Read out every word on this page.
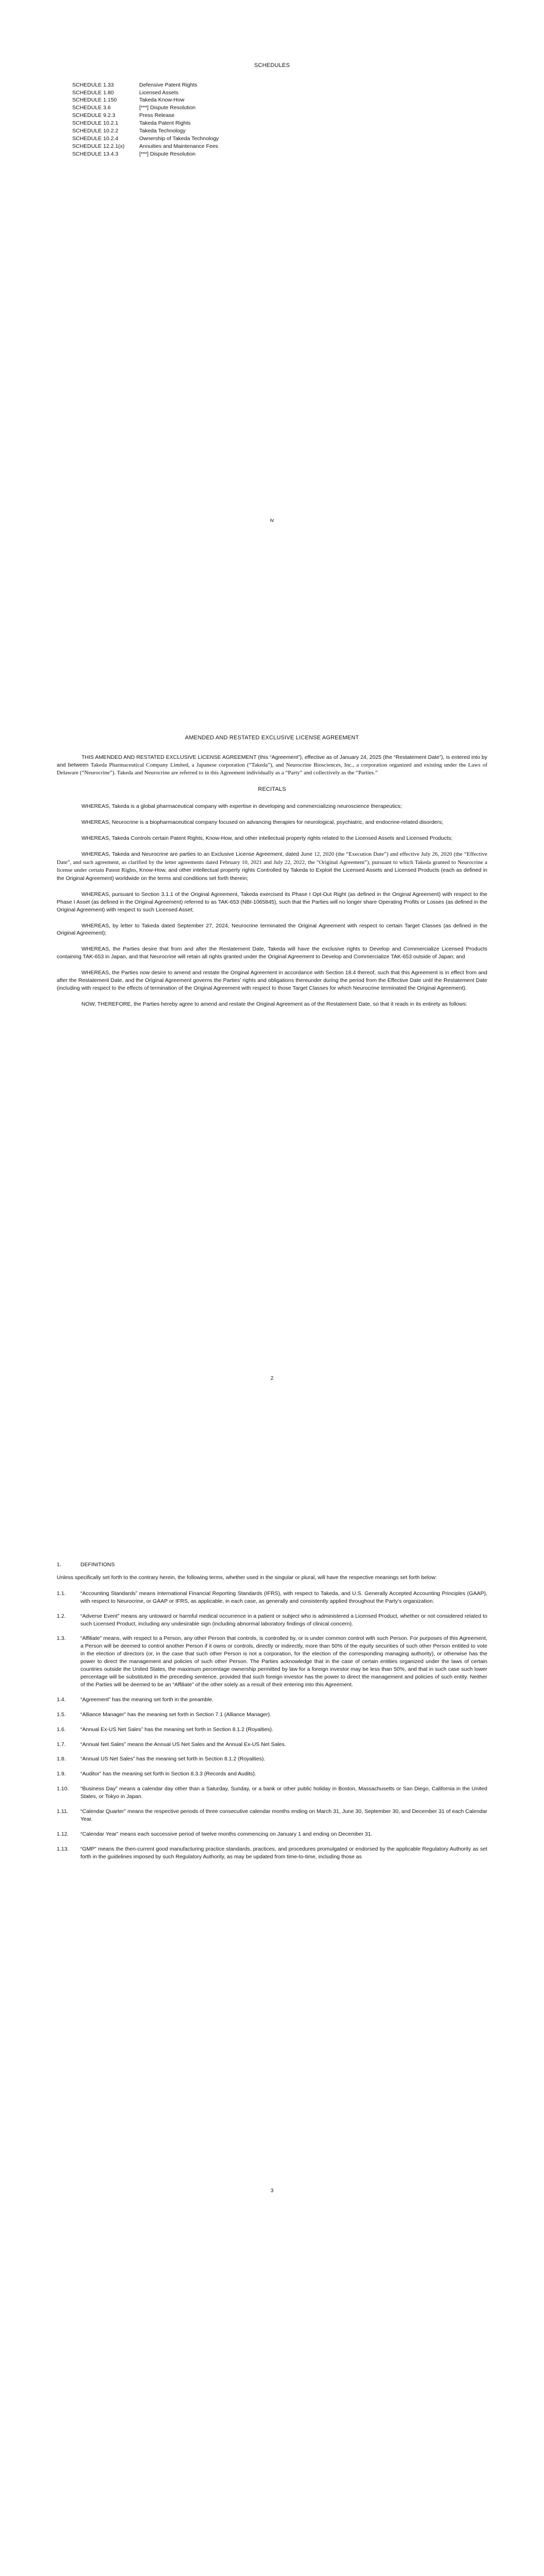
SCHEDULES
SCHEDULE 1.33	Defensive Patent Rights
SCHEDULE 1.80	Licensed Assets
SCHEDULE 1.150	Takeda Know-How
SCHEDULE 3.6	[***] Dispute Resolution
SCHEDULE 9.2.3	Press Release
SCHEDULE 10.2.1	Takeda Patent Rights
SCHEDULE 10.2.2	Takeda Technology
SCHEDULE 10.2.4	Ownership of Takeda Technology
SCHEDULE 12.2.1(x)	Annuities and Maintenance Fees
SCHEDULE 13.4.3	[***] Dispute Resolution
iv
AMENDED AND RESTATED EXCLUSIVE LICENSE AGREEMENT

THIS AMENDED AND RESTATED EXCLUSIVE LICENSE AGREEMENT (this “Agreement”), effective as of January 24, 2025 (the “Restatement Date”), is entered into by and between Takeda Pharmaceutical Company Limited, a Japanese corporation (“Takeda”), and Neurocrine Biosciences, Inc., a corporation organized and existing under the Laws of Delaware (“Neurocrine”). Takeda and Neurocrine are referred to in this Agreement individually as a “Party” and collectively as the “Parties.”

RECITALS

WHEREAS, Takeda is a global pharmaceutical company with expertise in developing and commercializing neuroscience therapeutics;

WHEREAS, Neurocrine is a biopharmaceutical company focused on advancing therapies for neurological, psychiatric, and endocrine-related disorders;

WHEREAS, Takeda Controls certain Patent Rights, Know-How, and other intellectual property rights related to the Licensed Assets and Licensed Products;

WHEREAS, Takeda and Neurocrine are parties to an Exclusive License Agreement, dated June 12, 2020 (the “Execution Date”) and effective July 26, 2020 (the “Effective Date”, and such agreement, as clarified by the letter agreements dated February 10, 2021 and July 22, 2022, the “Original Agreement”), pursuant to which Takeda granted to Neurocrine a license under certain Patent Rights, Know-How, and other intellectual property rights Controlled by Takeda to Exploit the Licensed Assets and Licensed Products (each as defined in the Original Agreement) worldwide on the terms and conditions set forth therein;

WHEREAS, pursuant to Section 3.1.1 of the Original Agreement, Takeda exercised its Phase I Opt-Out Right (as defined in the Original Agreement) with respect to the Phase I Asset (as defined in the Original Agreement) referred to as TAK-653 (NBI-1065845), such that the Parties will no longer share Operating Profits or Losses (as defined in the Original Agreement) with respect to such Licensed Asset;

WHEREAS, by letter to Takeda dated September 27, 2024, Neurocrine terminated the Original Agreement with respect to certain Target Classes (as defined in the Original Agreement);

WHEREAS, the Parties desire that from and after the Restatement Date, Takeda will have the exclusive rights to Develop and Commercialize Licensed Products containing TAK-653 in Japan, and that Neurocrine will retain all rights granted under the Original Agreement to Develop and Commercialize TAK-653 outside of Japan; and

WHEREAS, the Parties now desire to amend and restate the Original Agreement in accordance with Section 18.4 thereof, such that this Agreement is in effect from and after the Restatement Date, and the Original Agreement governs the Parties’ rights and obligations thereunder during the period from the Effective Date until the Restatement Date (including with respect to the effects of termination of the Original Agreement with respect to those Target Classes for which Neurocrine terminated the Original Agreement).

NOW, THEREFORE, the Parties hereby agree to amend and restate the Original Agreement as of the Restatement Date, so that it reads in its entirety as follows:

2
1.	DEFINITIONS

Unless specifically set forth to the contrary herein, the following terms, whether used in the singular or plural, will have the respective meanings set forth below:

1.1.	“Accounting Standards” means International Financial Reporting Standards (IFRS), with respect to Takeda, and U.S. Generally Accepted Accounting Principles (GAAP), with respect to Neurocrine, or GAAP or IFRS, as applicable, in each case, as generally and consistently applied throughout the Party’s organization.
1.2.	“Adverse Event” means any untoward or harmful medical occurrence in a patient or subject who is administered a Licensed Product, whether or not considered related to such Licensed Product, including any undesirable sign (including abnormal laboratory findings of clinical concern).
1.3.	“Affiliate” means, with respect to a Person, any other Person that controls, is controlled by, or is under common control with such Person. For purposes of this Agreement, a Person will be deemed to control another Person if it owns or controls, directly or indirectly, more than 50% of the equity securities of such other Person entitled to vote in the election of directors (or, in the case that such other Person is not a corporation, for the election of the corresponding managing authority), or otherwise has the power to direct the management and policies of such other Person. The Parties acknowledge that in the case of certain entities organized under the laws of certain countries outside the United States, the maximum percentage ownership permitted by law for a foreign investor may be less than 50%, and that in such case such lower percentage will be substituted in the preceding sentence, provided that such foreign investor has the power to direct the management and policies of such entity. Neither of the Parties will be deemed to be an “Affiliate” of the other solely as a result of their entering into this Agreement.
1.4.	“Agreement” has the meaning set forth in the preamble.
1.5.	“Alliance Manager” has the meaning set forth in Section 7.1 (Alliance Manager).
1.6.	“Annual Ex-US Net Sales” has the meaning set forth in Section 8.1.2 (Royalties).
1.7.	“Annual Net Sales” means the Annual US Net Sales and the Annual Ex-US Net Sales.
1.8.	“Annual US Net Sales” has the meaning set forth in Section 8.1.2 (Royalties).
1.9.	“Auditor” has the meaning set forth in Section 8.3.3 (Records and Audits).
1.10.	“Business Day” means a calendar day other than a Saturday, Sunday, or a bank or other public holiday in Boston, Massachusetts or San Diego, California in the United States, or Tokyo in Japan.
1.11.	“Calendar Quarter” means the respective periods of three consecutive calendar months ending on March 31, June 30, September 30, and December 31 of each Calendar Year.
1.12.	“Calendar Year” means each successive period of twelve months commencing on January 1 and ending on December 31.
1.13.	“GMP” means the then-current good manufacturing practice standards, practices, and procedures promulgated or endorsed by the applicable Regulatory Authority as set forth in the guidelines imposed by such Regulatory Authority, as may be updated from time-to-time, including those as
3
